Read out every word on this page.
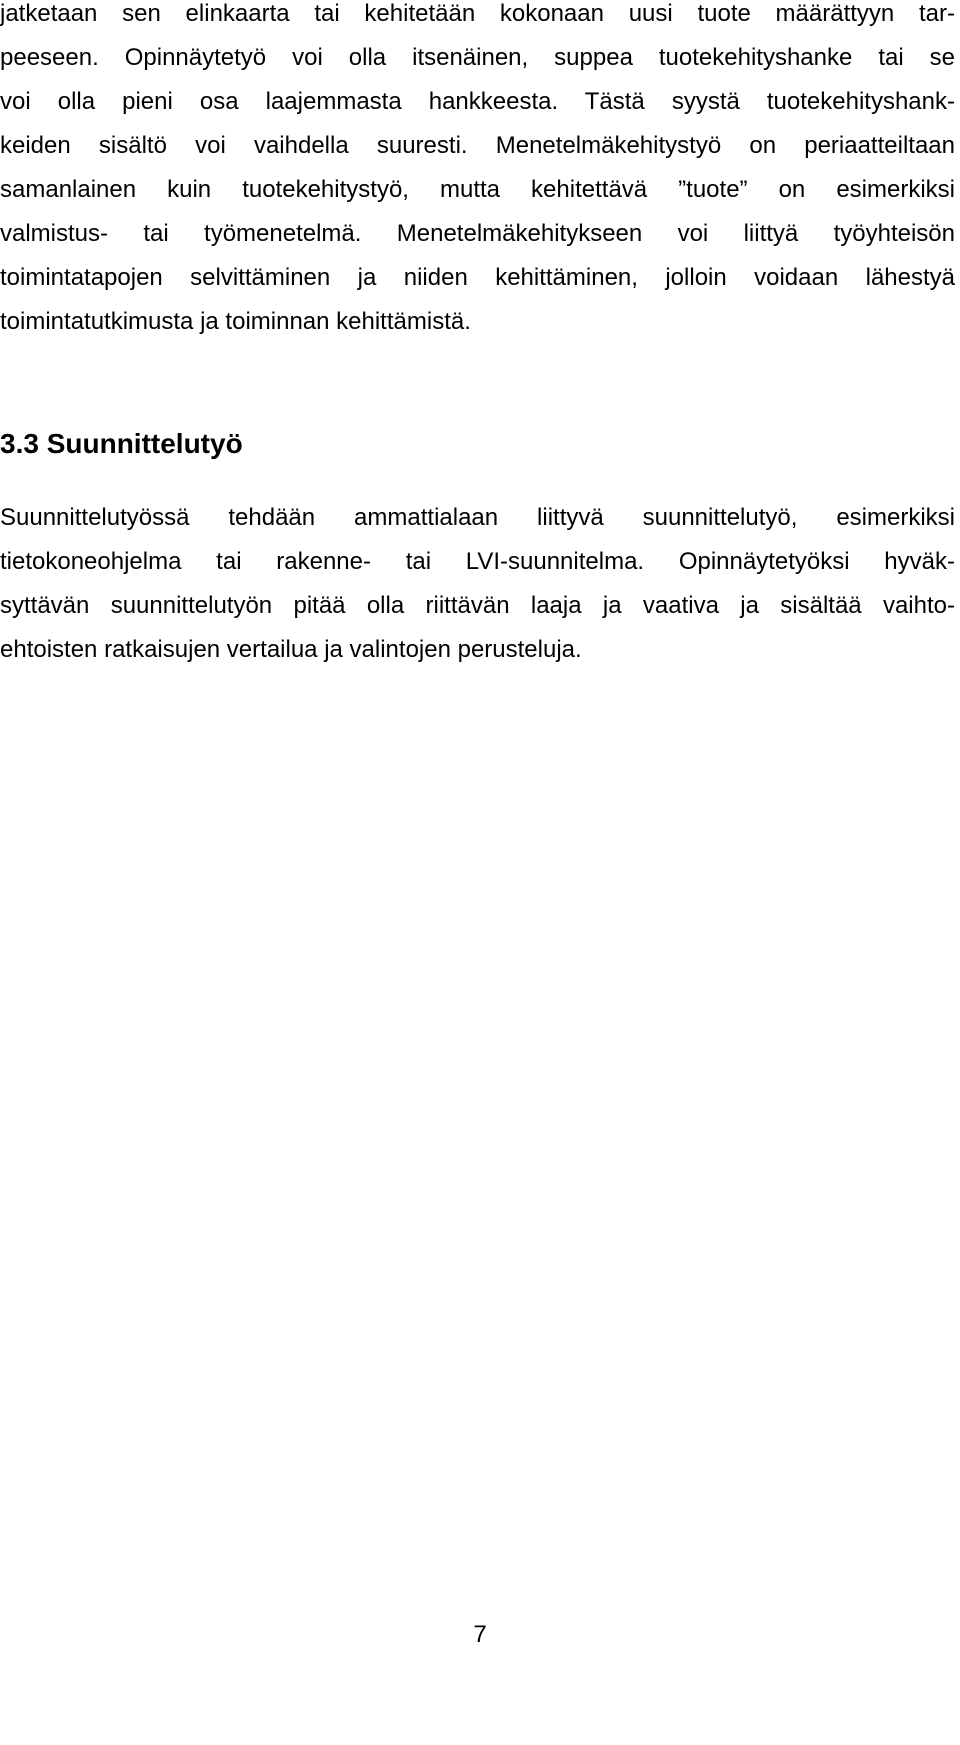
jatketaan sen elinkaarta tai kehitetään kokonaan uusi tuote määrättyyn tar-

peeseen. Opinnäytetyö voi olla itsenäinen, suppea tuotekehityshanke tai se

voi olla pieni osa laajemmasta hankkeesta. Tästä syystä tuotekehityshank-

keiden sisältö voi vaihdella suuresti. Menetelmäkehitystyö on periaatteiltaan

samanlainen kuin tuotekehitystyö, mutta kehitettävä ”tuote” on esimerkiksi

valmistus- tai työmenetelmä. Menetelmäkehitykseen voi liittyä työyhteisön

toimintatapojen selvittäminen ja niiden kehittäminen, jolloin voidaan lähestyä

toimintatutkimusta ja toiminnan kehittämistä.

3.3 Suunnittelutyö

Suunnittelutyössä tehdään ammattialaan liittyvä suunnittelutyö, esimerkiksi

tietokoneohjelma tai rakenne- tai LVI-suunnitelma. Opinnäytetyöksi hyväk-

syttävän suunnittelutyön pitää olla riittävän laaja ja vaativa ja sisältää vaihto-

ehtoisten ratkaisujen vertailua ja valintojen perusteluja.

7
